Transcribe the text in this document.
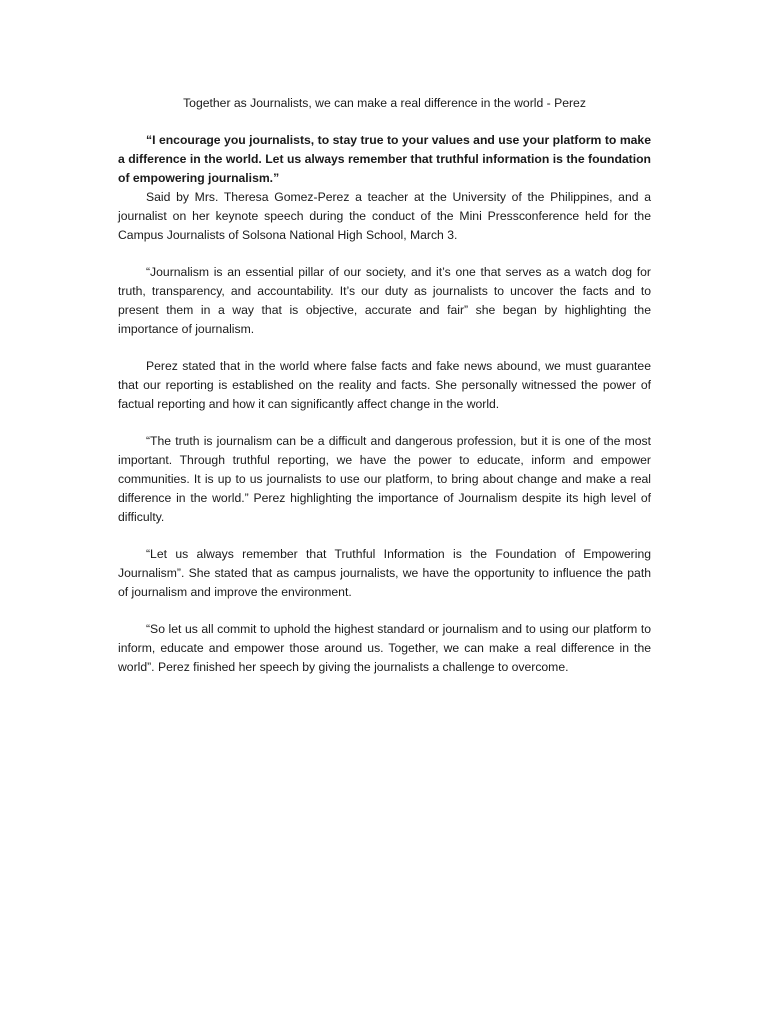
Together as Journalists, we can make a real difference in the world - Perez

“I encourage you journalists, to stay true to your values and use your platform to make a difference in the world. Let us always remember that truthful information is the foundation of empowering journalism.”

Said by Mrs. Theresa Gomez-Perez a teacher at the University of the Philippines, and a journalist on her keynote speech during the conduct of the Mini Pressconference held for the Campus Journalists of Solsona National High School, March 3.

“Journalism is an essential pillar of our society, and it’s one that serves as a watch dog for truth, transparency, and accountability. It’s our duty as journalists to uncover the facts and to present them in a way that is objective, accurate and fair” she began by highlighting the importance of journalism.

Perez stated that in the world where false facts and fake news abound, we must guarantee that our reporting is established on the reality and facts. She personally witnessed the power of factual reporting and how it can significantly affect change in the world.

“The truth is journalism can be a difficult and dangerous profession, but it is one of the most important. Through truthful reporting, we have the power to educate, inform and empower communities. It is up to us journalists to use our platform, to bring about change and make a real difference in the world.” Perez highlighting the importance of Journalism despite its high level of difficulty.

“Let us always remember that Truthful Information is the Foundation of Empowering Journalism”. She stated that as campus journalists, we have the opportunity to influence the path of journalism and improve the environment.

“So let us all commit to uphold the highest standard or journalism and to using our platform to inform, educate and empower those around us. Together, we can make a real difference in the world”. Perez finished her speech by giving the journalists a challenge to overcome.
